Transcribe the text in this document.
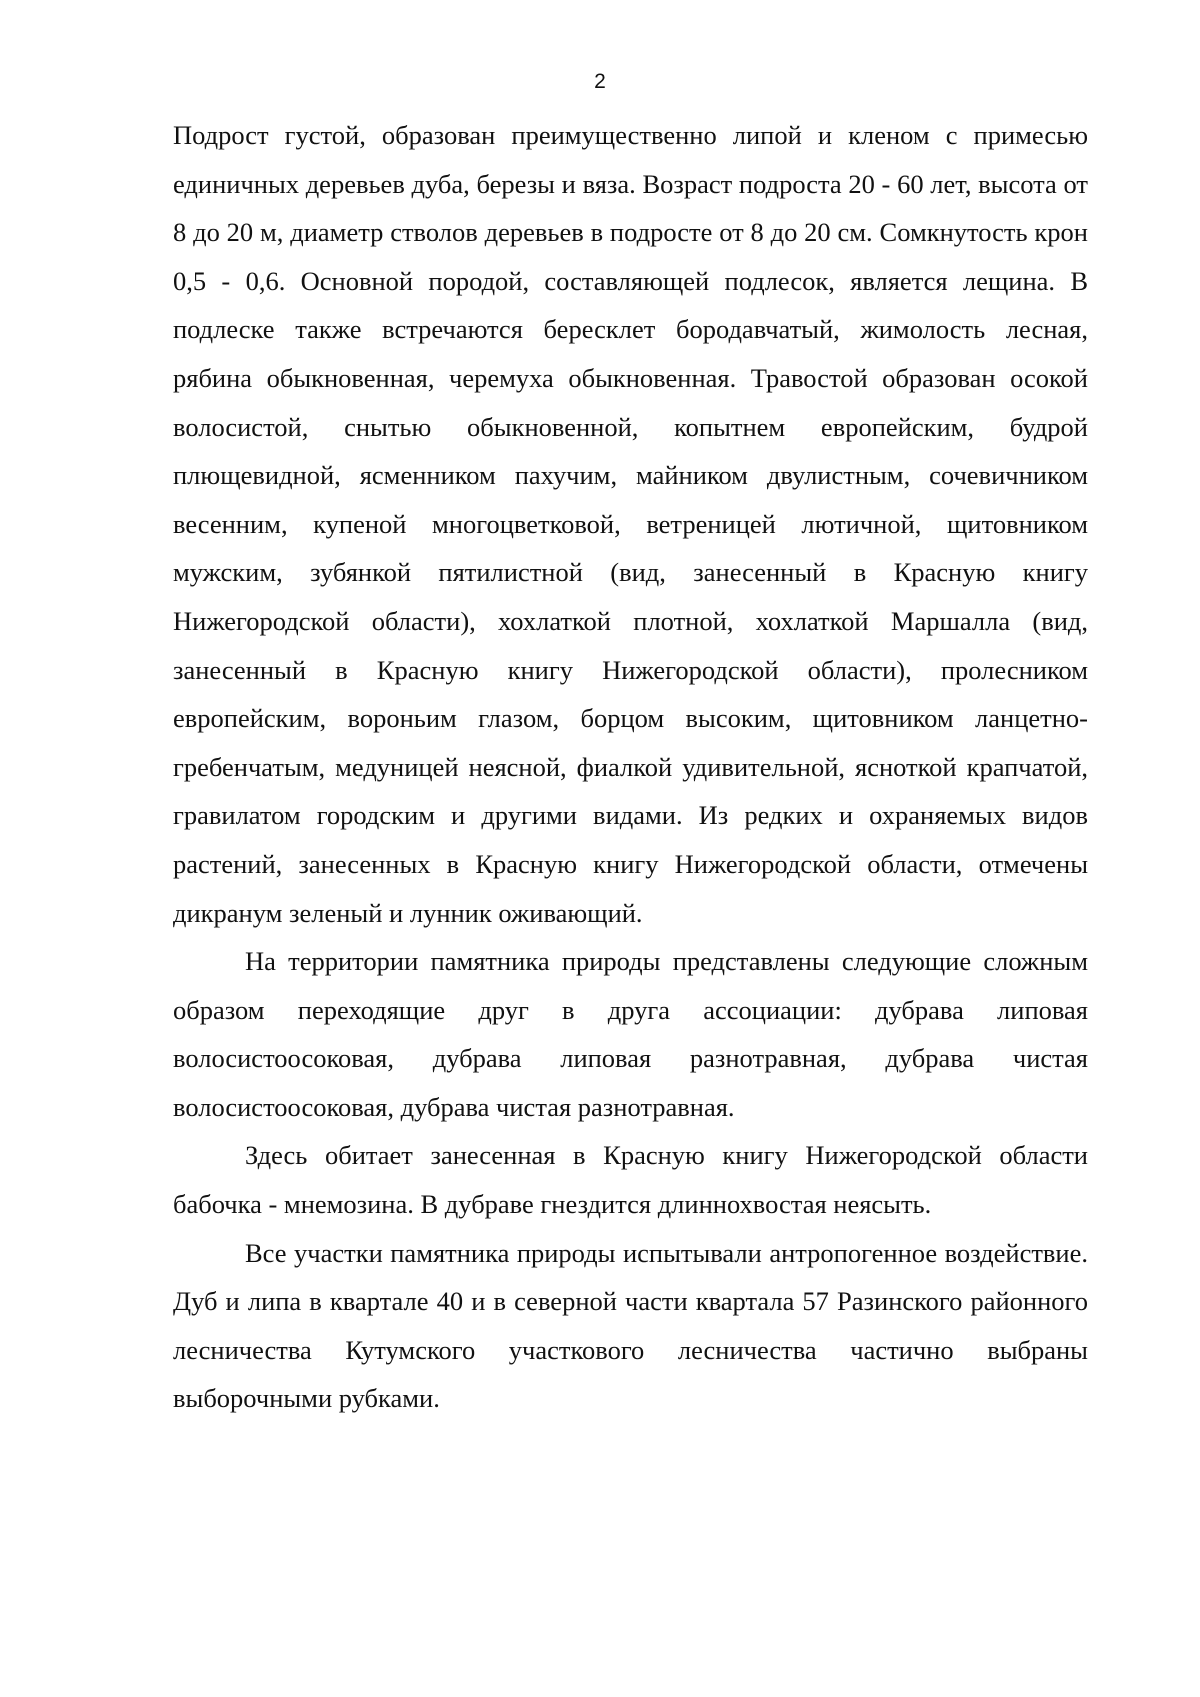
2

Подрост густой, образован преимущественно липой и кленом с примесью единичных деревьев дуба, березы и вяза. Возраст подроста 20 - 60 лет, высота от 8 до 20 м, диаметр стволов деревьев в подросте от 8 до 20 см. Сомкнутость крон 0,5 - 0,6. Основной породой, составляющей подлесок, является лещина. В подлеске также встречаются бересклет бородавчатый, жимолость лесная, рябина обыкновенная, черемуха обыкновенная. Травостой образован осокой волосистой, снытью обыкновенной, копытнем европейским, будрой плющевидной, ясменником пахучим, майником двулистным, сочевичником весенним, купеной многоцветковой, ветреницей лютичной, щитовником мужским, зубянкой пятилистной (вид, занесенный в Красную книгу Нижегородской области), хохлаткой плотной, хохлаткой Маршалла (вид, занесенный в Красную книгу Нижегородской области), пролесником европейским, вороньим глазом, борцом высоким, щитовником ланцетно-гребенчатым, медуницей неясной, фиалкой удивительной, ясноткой крапчатой, гравилатом городским и другими видами. Из редких и охраняемых видов растений, занесенных в Красную книгу Нижегородской области, отмечены дикранум зеленый и лунник оживающий.

На территории памятника природы представлены следующие сложным образом переходящие друг в друга ассоциации: дубрава липовая волосистоосоковая, дубрава липовая разнотравная, дубрава чистая волосистоосоковая, дубрава чистая разнотравная.

Здесь обитает занесенная в Красную книгу Нижегородской области бабочка - мнемозина. В дубраве гнездится длиннохвостая неясыть.

Все участки памятника природы испытывали антропогенное воздействие. Дуб и липа в квартале 40 и в северной части квартала 57 Разинского районного лесничества Кутумского участкового лесничества частично выбраны выборочными рубками.
